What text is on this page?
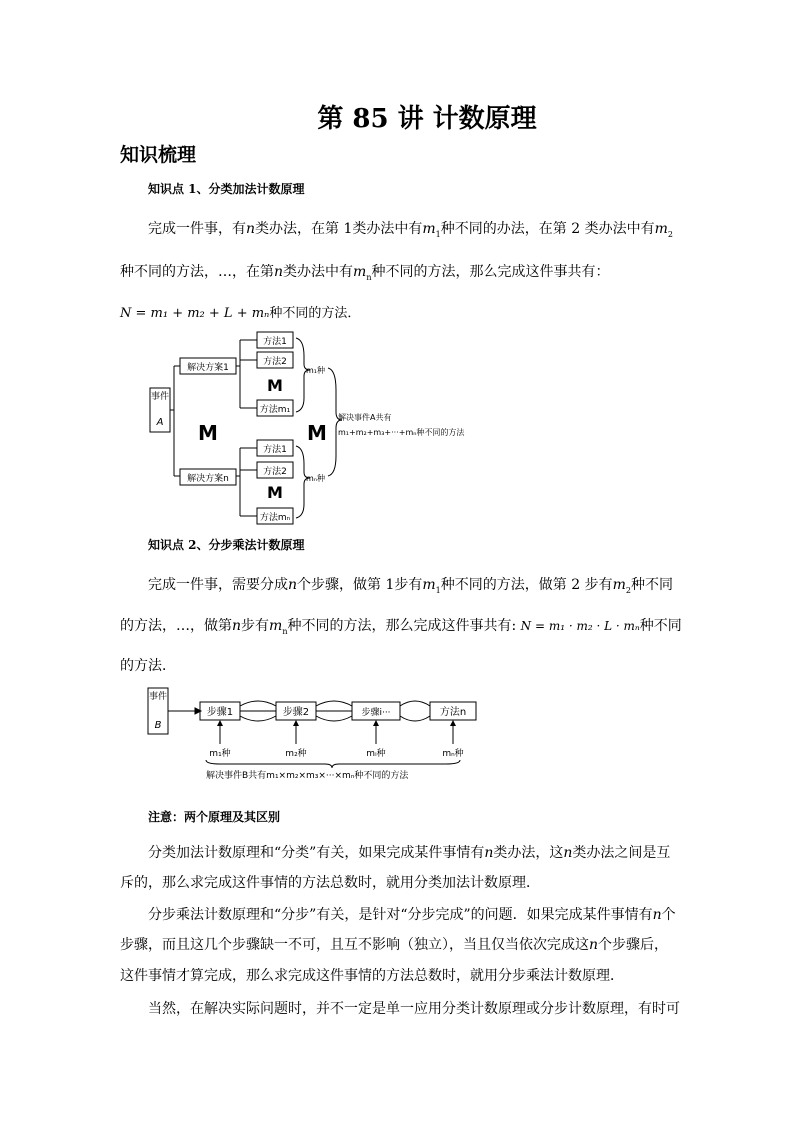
第 85 讲 计数原理
知识梳理
知识点 1、分类加法计数原理
完成一件事，有n类办法，在第 1类办法中有$m_1$种不同的办法，在第 2 类办法中有$m_2$
种不同的方法，…，在第n类办法中有$m_n$种不同的方法，那么完成这件事共有：
N = m₁ + m₂ + L + mₙ种不同的方法．
事件
A
解决方案1
解决方案n
方法1
方法2
方法m₁
方法1
方法2
方法mₙ
M
M
M	M
m₁种
mₙ种
解决事件A共有
m₁+m₂+m₃+···+mₙ种不同的方法
知识点 2、分步乘法计数原理
完成一件事，需要分成n个步骤，做第 1步有$m_1$种不同的方法，做第 2 步有$m_2$种不同
的方法，…，做第n步有$m_n$种不同的方法，那么完成这件事共有: N = m₁ · m₂ · L · mₙ种不同
的方法．
事件
B
步骤1	步骤2	步骤i···	方法n
m₁种	m₂种	mᵢ种	mₙ种
解决事件B共有m₁×m₂×m₃×···×mₙ种不同的方法
注意：两个原理及其区别
分类加法计数原理和“分类”有关，如果完成某件事情有n类办法，这n类办法之间是互
斥的，那么求完成这件事情的方法总数时，就用分类加法计数原理．
分步乘法计数原理和“分步”有关，是针对“分步完成”的问题．如果完成某件事情有n个
步骤，而且这几个步骤缺一不可，且互不影响（独立），当且仅当依次完成这n个步骤后，
这件事情才算完成，那么求完成这件事情的方法总数时，就用分步乘法计数原理．
当然，在解决实际问题时，并不一定是单一应用分类计数原理或分步计数原理，有时可
